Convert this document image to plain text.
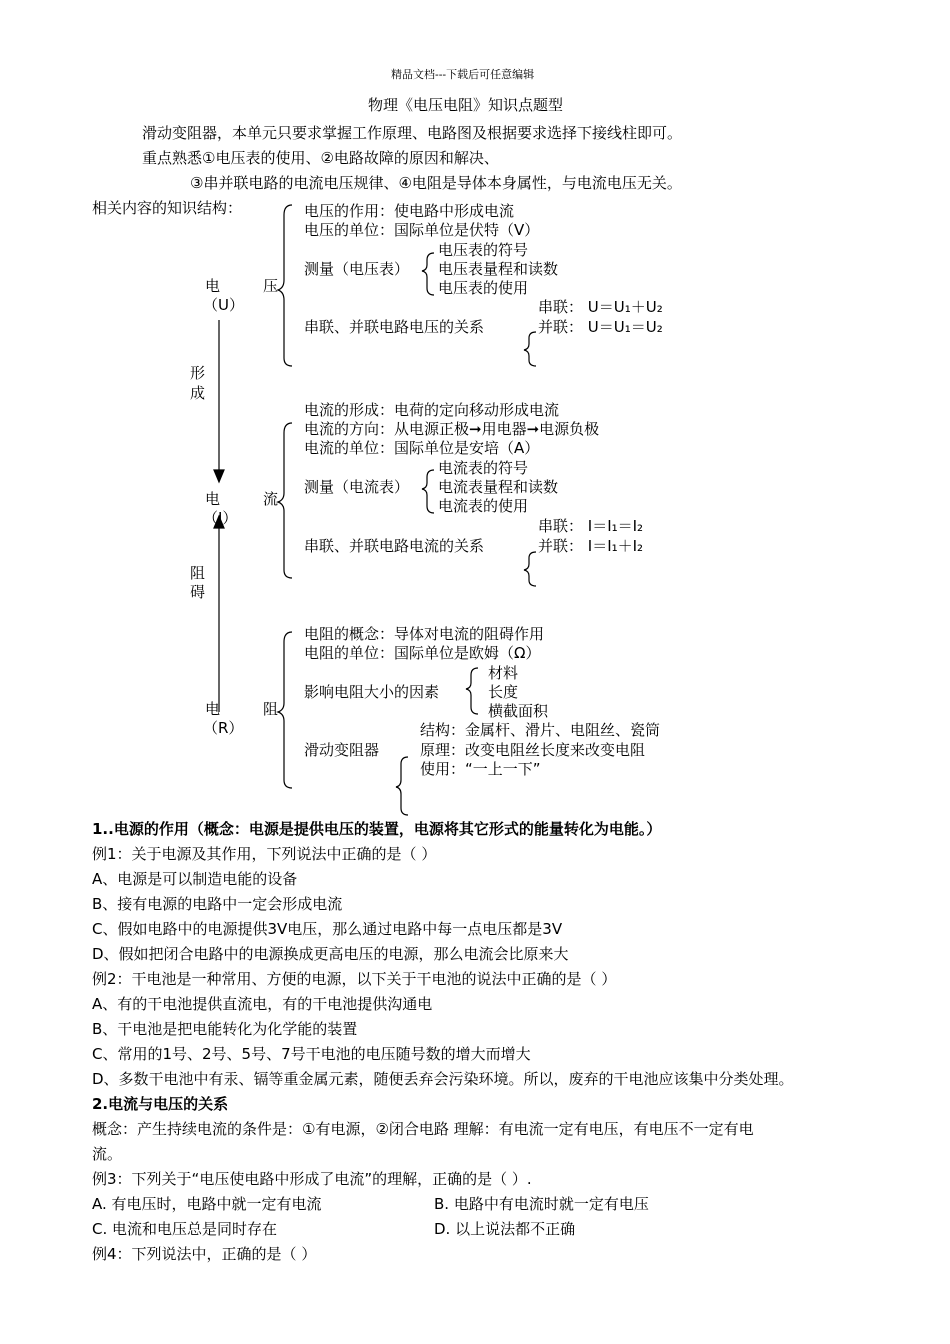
精品文档---下载后可任意编辑
物理《电压电阻》知识点题型
滑动变阻器，本单元只要求掌握工作原理、电路图及根据要求选择下接线柱即可。
重点熟悉①电压表的使用、②电路故障的原因和解决、
③串并联电路的电流电压规律、④电阻是导体本身属性，与电流电压无关。
相关内容的知识结构：
电	压
（U）
电压的作用：使电路中形成电流
电压的单位：国际单位是伏特（V）
测量（电压表）
电压表的符号
电压表量程和读数
电压表的使用
串联、并联电路电压的关系
串联： U＝U₁＋U₂
并联： U＝U₁＝U₂
形
成
电	流
（I）
电流的形成：电荷的定向移动形成电流
电流的方向：从电源正极➞用电器➞电源负极
电流的单位：国际单位是安培（A）
测量（电流表）
电流表的符号
电流表量程和读数
电流表的使用
串联、并联电路电流的关系
串联： I＝I₁＝I₂
并联： I＝I₁＋I₂
阻
碍
电	阻
（R）
电阻的概念：导体对电流的阻碍作用
电阻的单位：国际单位是欧姆（Ω）
影响电阻大小的因素
材料
长度
横截面积
滑动变阻器
结构：金属杆、滑片、电阻丝、瓷筒
原理：改变电阻丝长度来改变电阻
使用：“一上一下”
1..电源的作用（概念：电源是提供电压的装置，电源将其它形式的能量转化为电能。）
例1：关于电源及其作用，下列说法中正确的是（ ）
A、电源是可以制造电能的设备
B、接有电源的电路中一定会形成电流
C、假如电路中的电源提供3V电压，那么通过电路中每一点电压都是3V
D、假如把闭合电路中的电源换成更高电压的电源，那么电流会比原来大
例2：干电池是一种常用、方便的电源，以下关于干电池的说法中正确的是（ ）
A、有的干电池提供直流电，有的干电池提供沟通电
B、干电池是把电能转化为化学能的装置
C、常用的1号、2号、5号、7号干电池的电压随号数的增大而增大
D、多数干电池中有汞、镉等重金属元素，随便丢弃会污染环境。所以，废弃的干电池应该集中分类处理。
2.电流与电压的关系
概念：产生持续电流的条件是：①有电源，②闭合电路 理解：有电流一定有电压，有电压不一定有电
流。
例3：下列关于“电压使电路中形成了电流”的理解，正确的是（ ）.
A. 有电压时，电路中就一定有电流	B. 电路中有电流时就一定有电压
C. 电流和电压总是同时存在	D. 以上说法都不正确
例4：下列说法中，正确的是（ ）
